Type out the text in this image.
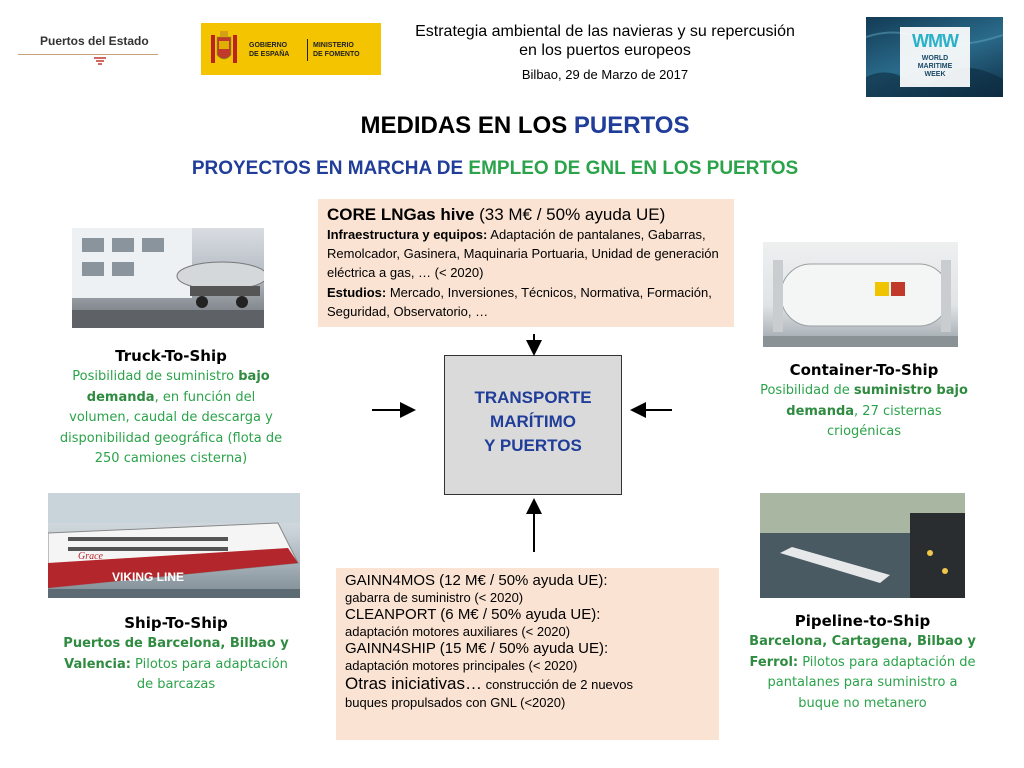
Puertos del Estado	GOBIERNO
DE ESPAÑA
MINISTERIO
DE FOMENTO
WMW
WORLD
MARITIME
WEEK
Estrategia ambiental de las navieras y su repercusión
en los puertos europeos
Bilbao, 29 de Marzo de 2017
MEDIDAS EN LOS PUERTOS
PROYECTOS EN MARCHA DE EMPLEO DE GNL EN LOS PUERTOS
VIKING LINE
Grace
Truck-To-Ship
Posibilidad de suministro bajo demanda, en función del volumen, caudal de descarga y disponibilidad geográfica (flota de 250 camiones cisterna)
Container-To-Ship
Posibilidad de suministro bajo demanda, 27 cisternas criogénicas
Ship-To-Ship
Puertos de Barcelona, Bilbao y Valencia: Pilotos para adaptación de barcazas
Pipeline-to-Ship
Barcelona, Cartagena, Bilbao y Ferrol: Pilotos para adaptación de pantalanes para suministro a buque no metanero
CORE LNGas hive (33 M€ / 50% ayuda UE)
Infraestructura y equipos: Adaptación de pantalanes, Gabarras, Remolcador, Gasinera, Maquinaria Portuaria, Unidad de generación eléctrica a gas, … (< 2020)
Estudios: Mercado, Inversiones, Técnicos, Normativa, Formación, Seguridad, Observatorio, …
TRANSPORTE
MARÍTIMO
Y PUERTOS
GAINN4MOS (12 M€ / 50% ayuda UE):
gabarra de suministro (< 2020)
CLEANPORT (6 M€ / 50% ayuda UE):
adaptación motores auxiliares (< 2020)
GAINN4SHIP (15 M€ / 50% ayuda UE):
adaptación motores principales (< 2020)
Otras iniciativas… construcción de 2 nuevos
buques propulsados con GNL (<2020)
